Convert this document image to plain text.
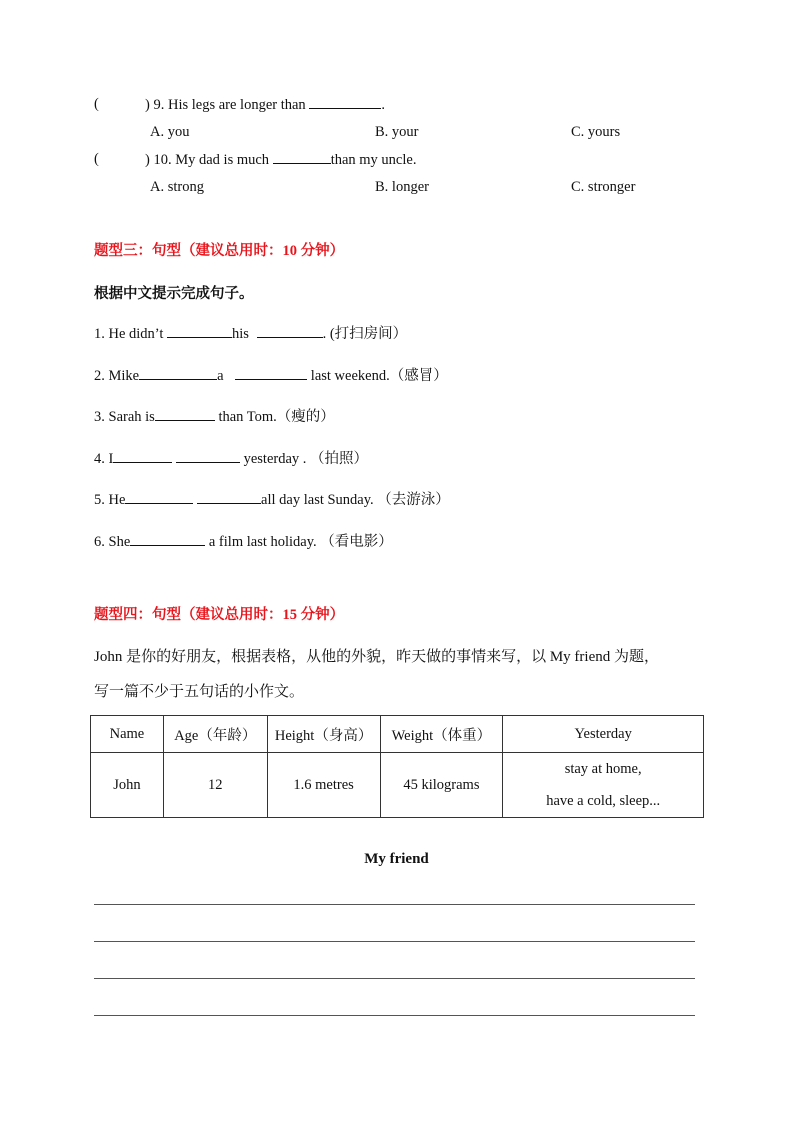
(	) 9. His legs are longer than	.
A. you	B. your	C. yours
(	) 10. My dad is much	than my uncle.
A. strong	B. longer	C. stronger
题型三：句型（建议总用时：10 分钟）
根据中文提示完成句子。
1. He didn’t	his	. (打扫房间）
2. Mike	a	last weekend.（感冒）
3. Sarah is	than Tom.（瘦的）
4. I	yesterday . （拍照）
5. He	all day last Sunday. （去游泳）
6. She	a film last holiday. （看电影）
题型四：句型（建议总用时：15 分钟）
John 是你的好朋友，根据表格，从他的外貌，昨天做的事情来写，以 My friend 为题，
写一篇不少于五句话的小作文。
Name	Age（年龄）	Height（身高）	Weight（体重）	Yesterday
John	12	1.6 metres	45 kilograms	stay at home,
have a cold, sleep...
My friend
